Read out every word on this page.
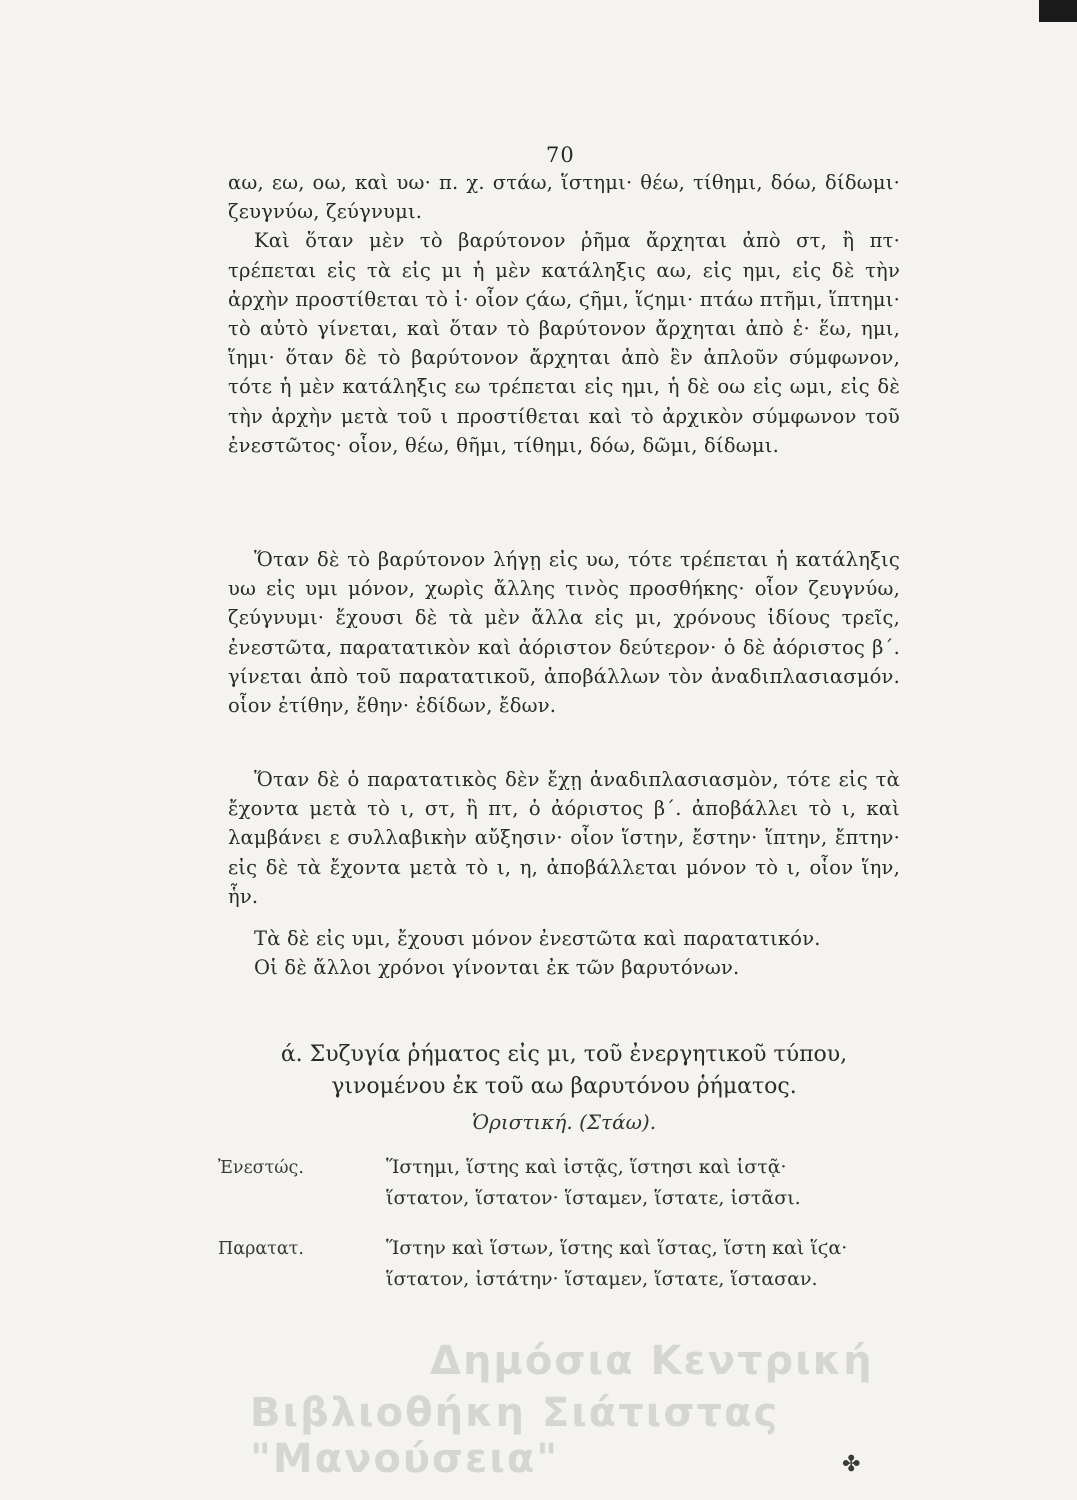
70

αω, εω, οω, καὶ υω· π. χ. στάω, ἵστημι· θέω, τίθημι, δόω, δίδωμι· ζευγνύω, ζεύγνυμι.

Καὶ ὅταν μὲν τὸ βαρύτονον ῥῆμα ἄρχηται ἀπὸ στ, ἢ πτ· τρέπεται εἰς τὰ εἰς μι ἡ μὲν κατάληξις αω, εἰς ημι, εἰς δὲ τὴν ἀρχὴν προστίθεται τὸ ἰ· οἷον ϛάω, ϛῆμι, ἵϛημι· πτάω πτῆμι, ἵπτημι· τὸ αὐτὸ γίνεται, καὶ ὅταν τὸ βαρύτονον ἄρχηται ἀπὸ ἑ· ἕω, ημι, ἵημι· ὅταν δὲ τὸ βαρύτονον ἄρχηται ἀπὸ ἓν ἁπλοῦν σύμφωνον, τότε ἡ μὲν κατάληξις εω τρέπεται εἰς ημι, ἡ δὲ οω εἰς ωμι, εἰς δὲ τὴν ἀρχὴν μετὰ τοῦ ι προστίθεται καὶ τὸ ἀρχικὸν σύμφωνον τοῦ ἐνεστῶτος· οἷον, θέω, θῆμι, τίθημι, δόω, δῶμι, δίδωμι.

Ὅταν δὲ τὸ βαρύτονον λήγῃ εἰς υω, τότε τρέπεται ἡ κατάληξις υω εἰς υμι μόνον, χωρὶς ἄλλης τινὸς προσθήκης· οἷον ζευγνύω, ζεύγνυμι· ἔχουσι δὲ τὰ μὲν ἄλλα εἰς μι, χρόνους ἰδίους τρεῖς, ἐνεστῶτα, παρατατικὸν καὶ ἀόριστον δεύτερον· ὁ δὲ ἀόριστος β΄. γίνεται ἀπὸ τοῦ παρατατικοῦ, ἀποβάλλων τὸν ἀναδιπλασιασμόν. οἷον ἐτίθην, ἔθην· ἐδίδων, ἔδων.

Ὅταν δὲ ὁ παρατατικὸς δὲν ἔχῃ ἀναδιπλασιασμὸν, τότε εἰς τὰ ἔχοντα μετὰ τὸ ι, στ, ἢ πτ, ὁ ἀόριστος β΄. ἀποβάλλει τὸ ι, καὶ λαμβάνει ε συλλαβικὴν αὔξησιν· οἷον ἵστην, ἔστην· ἵπτην, ἔπτην· εἰς δὲ τὰ ἔχοντα μετὰ τὸ ι, η, ἀποβάλλεται μόνον τὸ ι, οἷον ἵην, ἧν.

Τὰ δὲ εἰς υμι, ἔχουσι μόνον ἐνεστῶτα καὶ παρατατικόν.

Οἱ δὲ ἄλλοι χρόνοι γίνονται ἐκ τῶν βαρυτόνων.

ά. Συζυγία ῥήματος εἰς μι, τοῦ ἐνεργητικοῦ τύπου,
γινομένου ἐκ τοῦ αω βαρυτόνου ῥήματος.
Ὁριστική. (Στάω).
Ἐνεστώς.	Ἵστημι, ἵστης καὶ ἱστᾷς, ἵστησι καὶ ἱστᾷ·
ἵστατον, ἵστατον· ἵσταμεν, ἵστατε, ἱστᾶσι.
Παρατατ.	Ἵστην καὶ ἵστων, ἵστης καὶ ἵστας, ἵστη καὶ ἵϛα·
ἵστατον, ἱστάτην· ἵσταμεν, ἵστατε, ἵστασαν.
Δημόσια Κεντρική
Βιβλιοθήκη Σιάτιστας "Μανούσεια"	✤
